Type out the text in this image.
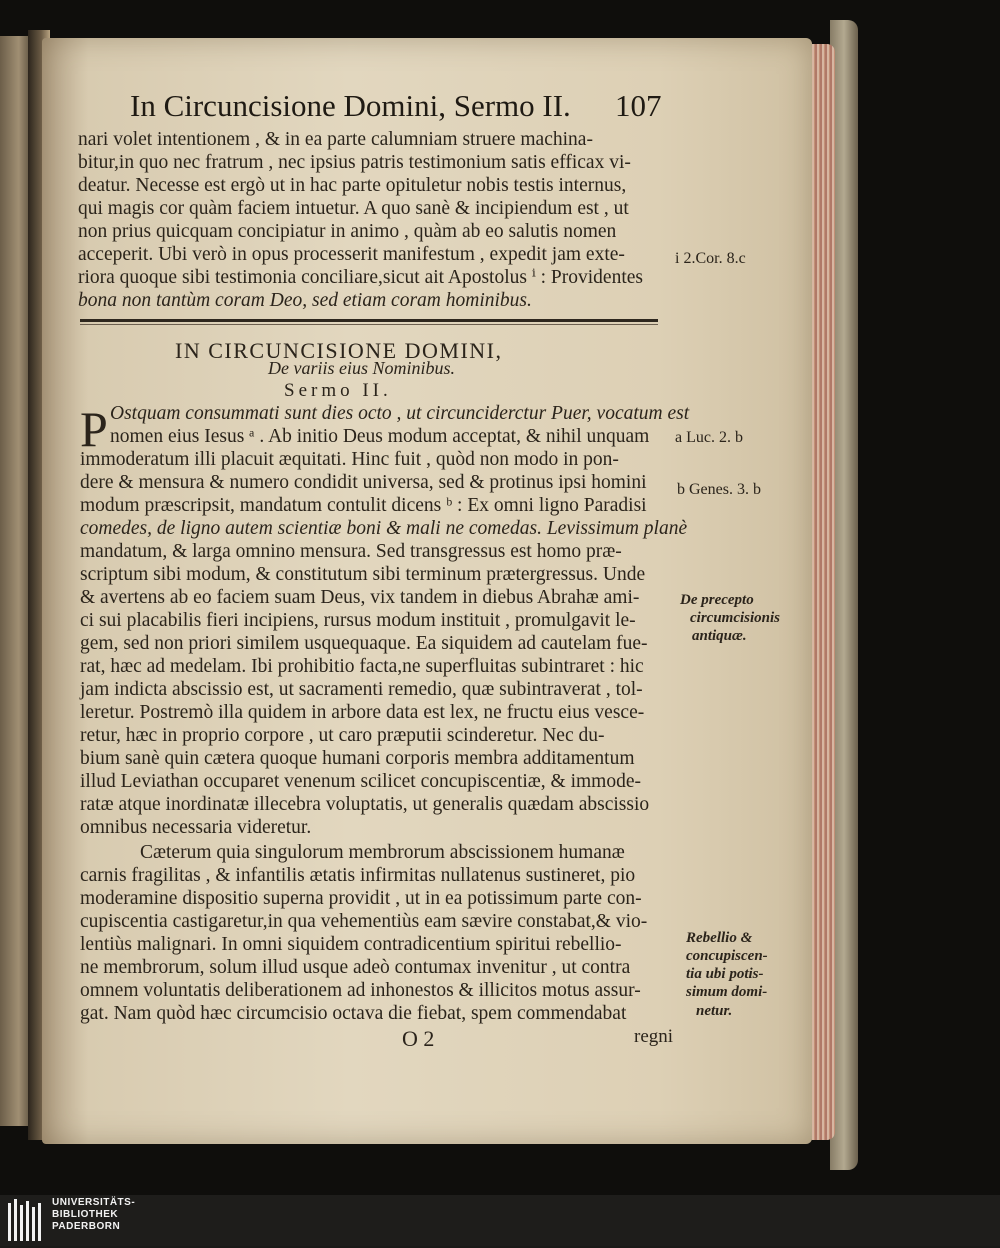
In Circuncisione Domini, Sermo II. 107
nari volet intentionem , & in ea parte calumniam struere machina-
bitur,in quo nec fratrum , nec ipsius patris testimonium satis efficax vi-
deatur. Necesse est ergò ut in hac parte opituletur nobis testis internus,
qui magis cor quàm faciem intuetur. A quo sanè & incipiendum est , ut
non prius quicquam concipiatur in animo , quàm ab eo salutis nomen
acceperit. Ubi verò in opus processerit manifestum , expedit jam exte-
riora quoque sibi testimonia conciliare,sicut ait Apostolus ⁱ : Providentes
bona non tantùm coram Deo, sed etiam coram hominibus.
i 2.Cor. 8.c
IN CIRCUNCISIONE DOMINI,
De variis eius Nominibus.
Sermo II.
P Ostquam consummati sunt dies octo , ut circunciderctur Puer, vocatum est
nomen eius Iesus ᵃ . Ab initio Deus modum acceptat, & nihil unquam
immoderatum illi placuit æquitati. Hinc fuit , quòd non modo in pon-
dere & mensura & numero condidit universa, sed & protinus ipsi homini
modum præscripsit, mandatum contulit dicens ᵇ : Ex omni ligno Paradisi
comedes, de ligno autem scientiæ boni & mali ne comedas. Levissimum planè
mandatum, & larga omnino mensura. Sed transgressus est homo præ-
scriptum sibi modum, & constitutum sibi terminum prætergressus. Unde
& avertens ab eo faciem suam Deus, vix tandem in diebus Abrahæ ami-
ci sui placabilis fieri incipiens, rursus modum instituit , promulgavit le-
gem, sed non priori similem usquequaque. Ea siquidem ad cautelam fue-
rat, hæc ad medelam. Ibi prohibitio facta,ne superfluitas subintraret : hic
jam indicta abscissio est, ut sacramenti remedio, quæ subintraverat , tol-
leretur. Postremò illa quidem in arbore data est lex, ne fructu eius vesce-
retur, hæc in proprio corpore , ut caro præputii scinderetur. Nec du-
bium sanè quin cætera quoque humani corporis membra additamentum
illud Leviathan occuparet venenum scilicet concupiscentiæ, & immode-
ratæ atque inordinatæ illecebra voluptatis, ut generalis quædam abscissio
omnibus necessaria videretur.
Cæterum quia singulorum membrorum abscissionem humanæ
carnis fragilitas , & infantilis ætatis infirmitas nullatenus sustineret, pio
moderamine dispositio superna providit , ut in ea potissimum parte con-
cupiscentia castigaretur,in qua vehementiùs eam sævire constabat,& vio-
lentiùs malignari. In omni siquidem contradicentium spiritui rebellio-
ne membrorum, solum illud usque adeò contumax invenitur , ut contra
omnem voluntatis deliberationem ad inhonestos & illicitos motus assur-
gat. Nam quòd hæc circumcisio octava die fiebat, spem commendabat
a Luc. 2. b
b Genes. 3. b
De precepto
circumcisionis
antiquæ.
Rebellio &
concupiscen-
tia ubi potis-
simum domi-
netur.
O 2	regni
UNIVERSITÄTS-
BIBLIOTHEK
PADERBORN
